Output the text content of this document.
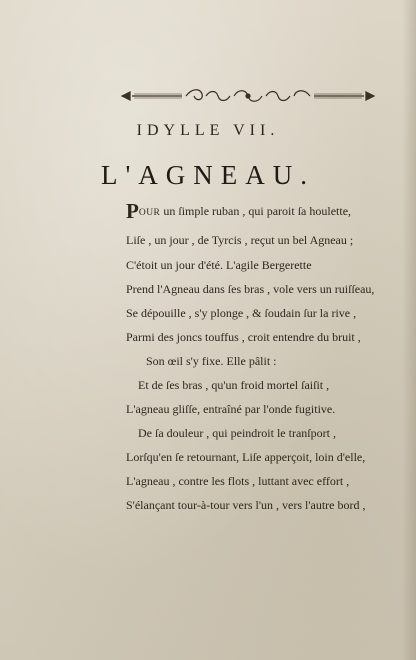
IDYLLE VII.
L'AGNEAU.
POUR un ſimple ruban , qui paroit ſa houlette,
Liſe , un jour , de Tyrcis , reçut un bel Agneau ;
C'étoit un jour d'été. L'agile Bergerette
Prend l'Agneau dans ſes bras , vole vers un ruiſſeau,
Se dépouille , s'y plonge , & ſoudain ſur la rive ,
Parmi des joncs touffus , croit entendre du bruit ,
Son œil s'y fixe. Elle pâlit :
Et de ſes bras , qu'un froid mortel ſaiſit ,
L'agneau gliſſe, entraîné par l'onde fugitive.
De ſa douleur , qui peindroit le tranſport ,
Lorſqu'en ſe retournant, Liſe apperçoit, loin d'elle,
L'agneau , contre les flots , luttant avec effort ,
S'élançant tour-à-tour vers l'un , vers l'autre bord ,
